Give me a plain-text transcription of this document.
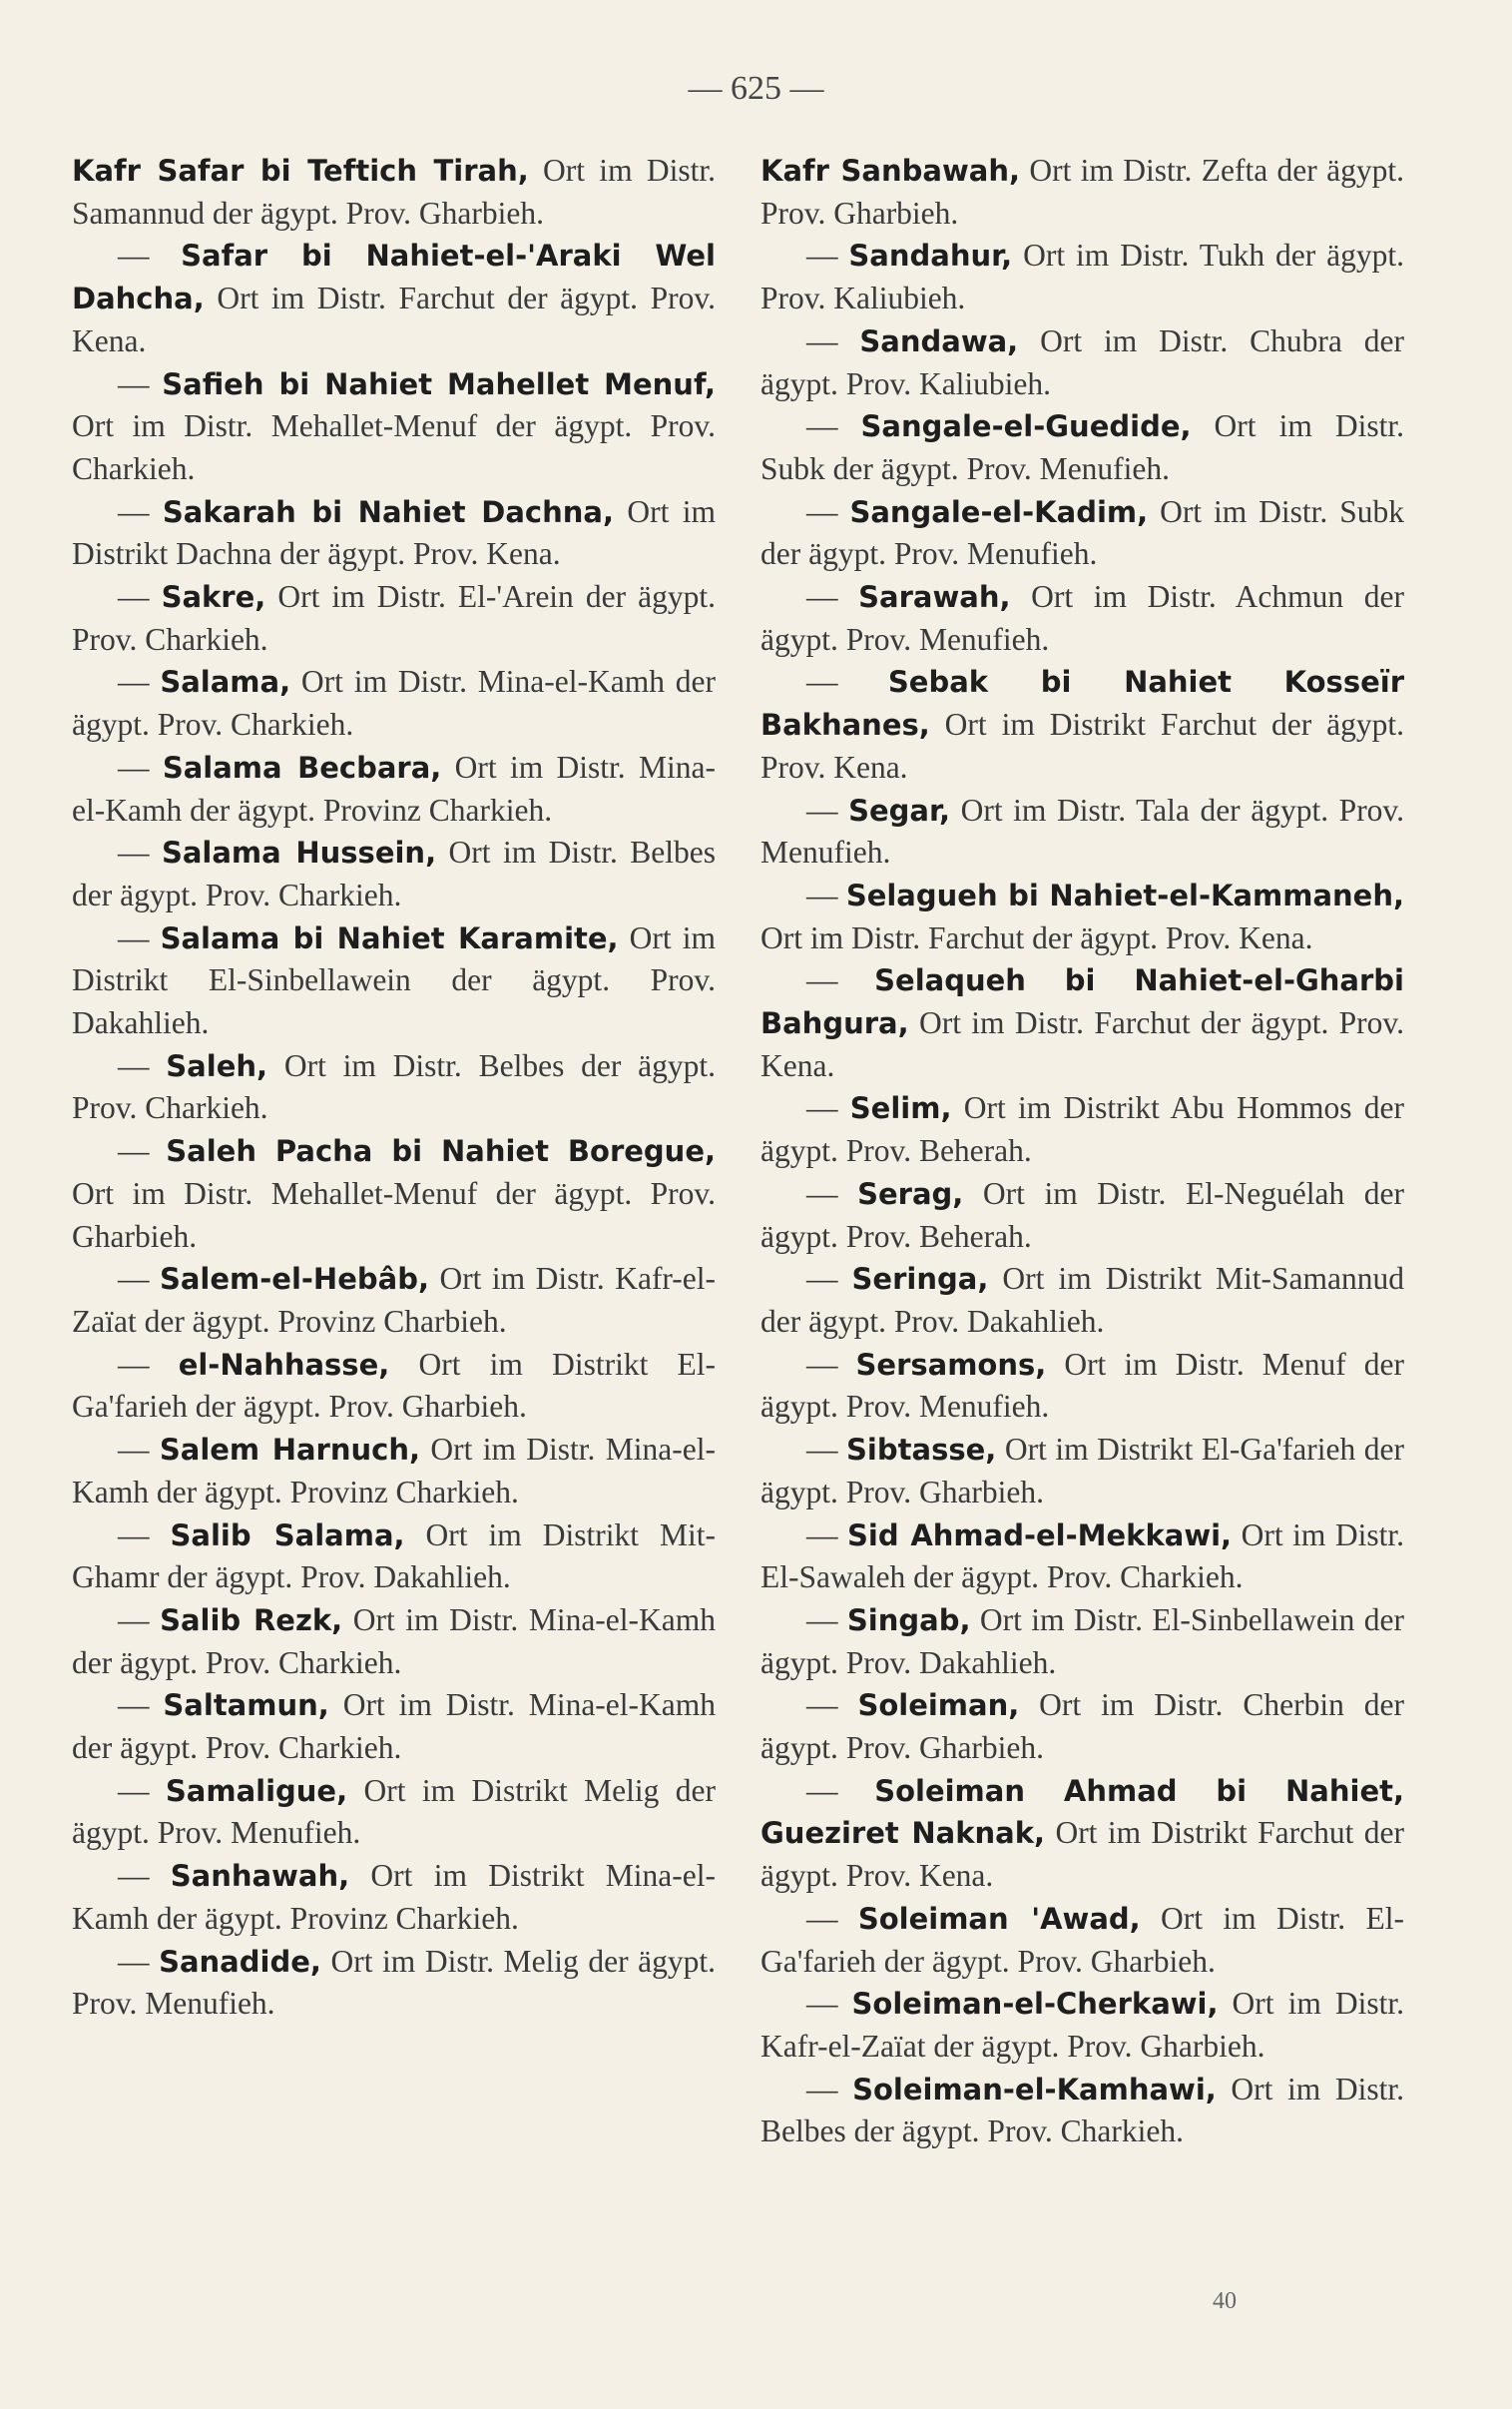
— 625 —

Kafr Safar bi Teftich Tirah, Ort im Distr. Samannud der ägypt. Prov. Gharbieh.

— Safar bi Nahiet-el-'Araki Wel Dahcha, Ort im Distr. Farchut der ägypt. Prov. Kena.

— Safieh bi Nahiet Mahellet Menuf, Ort im Distr. Mehallet-Menuf der ägypt. Prov. Charkieh.

— Sakarah bi Nahiet Dachna, Ort im Distrikt Dachna der ägypt. Prov. Kena.

— Sakre, Ort im Distr. El-'Arein der ägypt. Prov. Charkieh.

— Salama, Ort im Distr. Mina-el-Kamh der ägypt. Prov. Charkieh.

— Salama Becbara, Ort im Distr. Mina-el-Kamh der ägypt. Provinz Charkieh.

— Salama Hussein, Ort im Distr. Belbes der ägypt. Prov. Charkieh.

— Salama bi Nahiet Karamite, Ort im Distrikt El-Sinbellawein der ägypt. Prov. Dakahlieh.

— Saleh, Ort im Distr. Belbes der ägypt. Prov. Charkieh.

— Saleh Pacha bi Nahiet Boregue, Ort im Distr. Mehallet-Menuf der ägypt. Prov. Gharbieh.

— Salem-el-Hebâb, Ort im Distr. Kafr-el-Zaïat der ägypt. Provinz Charbieh.

— el-Nahhasse, Ort im Distrikt El-Ga'farieh der ägypt. Prov. Gharbieh.

— Salem Harnuch, Ort im Distr. Mina-el-Kamh der ägypt. Provinz Charkieh.

— Salib Salama, Ort im Distrikt Mit-Ghamr der ägypt. Prov. Dakahlieh.

— Salib Rezk, Ort im Distr. Mina-el-Kamh der ägypt. Prov. Charkieh.

— Saltamun, Ort im Distr. Mina-el-Kamh der ägypt. Prov. Charkieh.

— Samaligue, Ort im Distrikt Melig der ägypt. Prov. Menufieh.

— Sanhawah, Ort im Distrikt Mina-el-Kamh der ägypt. Provinz Charkieh.

— Sanadide, Ort im Distr. Melig der ägypt. Prov. Menufieh.

Kafr Sanbawah, Ort im Distr. Zefta der ägypt. Prov. Gharbieh.

— Sandahur, Ort im Distr. Tukh der ägypt. Prov. Kaliubieh.

— Sandawa, Ort im Distr. Chubra der ägypt. Prov. Kaliubieh.

— Sangale-el-Guedide, Ort im Distr. Subk der ägypt. Prov. Menufieh.

— Sangale-el-Kadim, Ort im Distr. Subk der ägypt. Prov. Menufieh.

— Sarawah, Ort im Distr. Achmun der ägypt. Prov. Menufieh.

— Sebak bi Nahiet Kosseïr Bakhanes, Ort im Distrikt Farchut der ägypt. Prov. Kena.

— Segar, Ort im Distr. Tala der ägypt. Prov. Menufieh.

— Selagueh bi Nahiet-el-Kammaneh, Ort im Distr. Farchut der ägypt. Prov. Kena.

— Selaqueh bi Nahiet-el-Gharbi Bahgura, Ort im Distr. Farchut der ägypt. Prov. Kena.

— Selim, Ort im Distrikt Abu Hommos der ägypt. Prov. Beherah.

— Serag, Ort im Distr. El-Neguélah der ägypt. Prov. Beherah.

— Seringa, Ort im Distrikt Mit-Samannud der ägypt. Prov. Dakahlieh.

— Sersamons, Ort im Distr. Menuf der ägypt. Prov. Menufieh.

— Sibtasse, Ort im Distrikt El-Ga'farieh der ägypt. Prov. Gharbieh.

— Sid Ahmad-el-Mekkawi, Ort im Distr. El-Sawaleh der ägypt. Prov. Charkieh.

— Singab, Ort im Distr. El-Sinbellawein der ägypt. Prov. Dakahlieh.

— Soleiman, Ort im Distr. Cherbin der ägypt. Prov. Gharbieh.

— Soleiman Ahmad bi Nahiet, Gueziret Naknak, Ort im Distrikt Farchut der ägypt. Prov. Kena.

— Soleiman 'Awad, Ort im Distr. El-Ga'farieh der ägypt. Prov. Gharbieh.

— Soleiman-el-Cherkawi, Ort im Distr. Kafr-el-Zaïat der ägypt. Prov. Gharbieh.

— Soleiman-el-Kamhawi, Ort im Distr. Belbes der ägypt. Prov. Charkieh.

40
